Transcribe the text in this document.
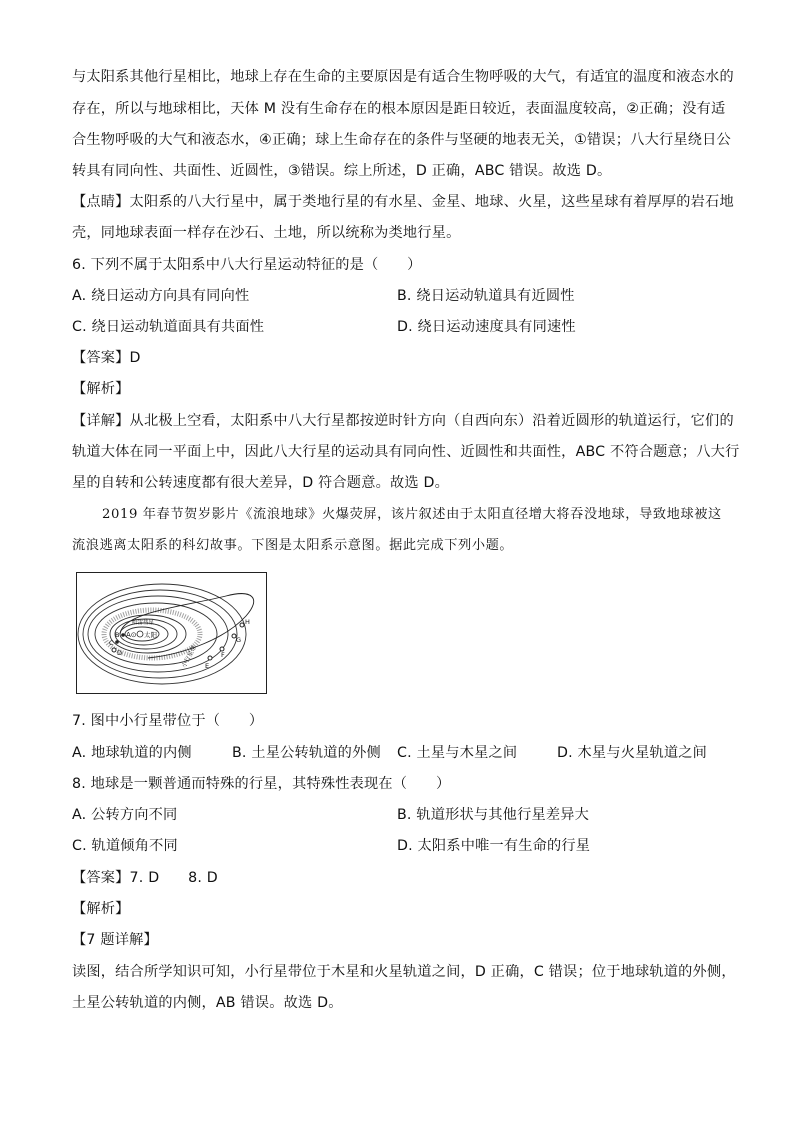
与太阳系其他行星相比，地球上存在生命的主要原因是有适合生物呼吸的大气，有适宜的温度和液态水的
存在，所以与地球相比，天体 M 没有生命存在的根本原因是距日较近，表面温度较高，②正确；没有适
合生物呼吸的大气和液态水，④正确；球上生命存在的条件与坚硬的地表无关，①错误；八大行星绕日公
转具有同向性、共面性、近圆性，③错误。综上所述，D 正确，ABC 错误。故选 D。
【点睛】太阳系的八大行星中，属于类地行星的有水星、金星、地球、火星，这些星球有着厚厚的岩石地
壳，同地球表面一样存在沙石、土地，所以统称为类地行星。
6. 下列不属于太阳系中八大行星运动特征的是（　　）
A. 绕日运动方向具有同向性	B. 绕日运动轨道具有近圆性
C. 绕日运动轨道面具有共面性	D. 绕日运动速度具有同速性
【答案】D
【解析】
【详解】从北极上空看，太阳系中八大行星都按逆时针方向（自西向东）沿着近圆形的轨道运行，它们的
轨道大体在同一平面上中，因此八大行星的运动具有同向性、近圆性和共面性，ABC 不符合题意；八大行
星的自转和公转速度都有很大差异，D 符合题意。故选 D。
2019 年春节贺岁影片《流浪地球》火爆荧屏，该片叙述由于太阳直径增大将吞没地球，导致地球被这
流浪逃离太阳系的科幻故事。下图是太阳系示意图。据此完成下列小题。
A⊙ 太阳
哈雷彗星
小行星带
B
C
D
E
F
G
H
7. 图中小行星带位于（　　）
A. 地球轨道的内侧	B. 土星公转轨道的外侧 C. 土星与木星之间	D. 木星与火星轨道之间
8. 地球是一颗普通而特殊的行星，其特殊性表现在（　　）
A. 公转方向不同	B. 轨道形状与其他行星差异大
C. 轨道倾角不同	D. 太阳系中唯一有生命的行星
【答案】7. D　　8. D
【解析】
【7 题详解】
读图，结合所学知识可知，小行星带位于木星和火星轨道之间，D 正确，C 错误；位于地球轨道的外侧，
土星公转轨道的内侧，AB 错误。故选 D。
